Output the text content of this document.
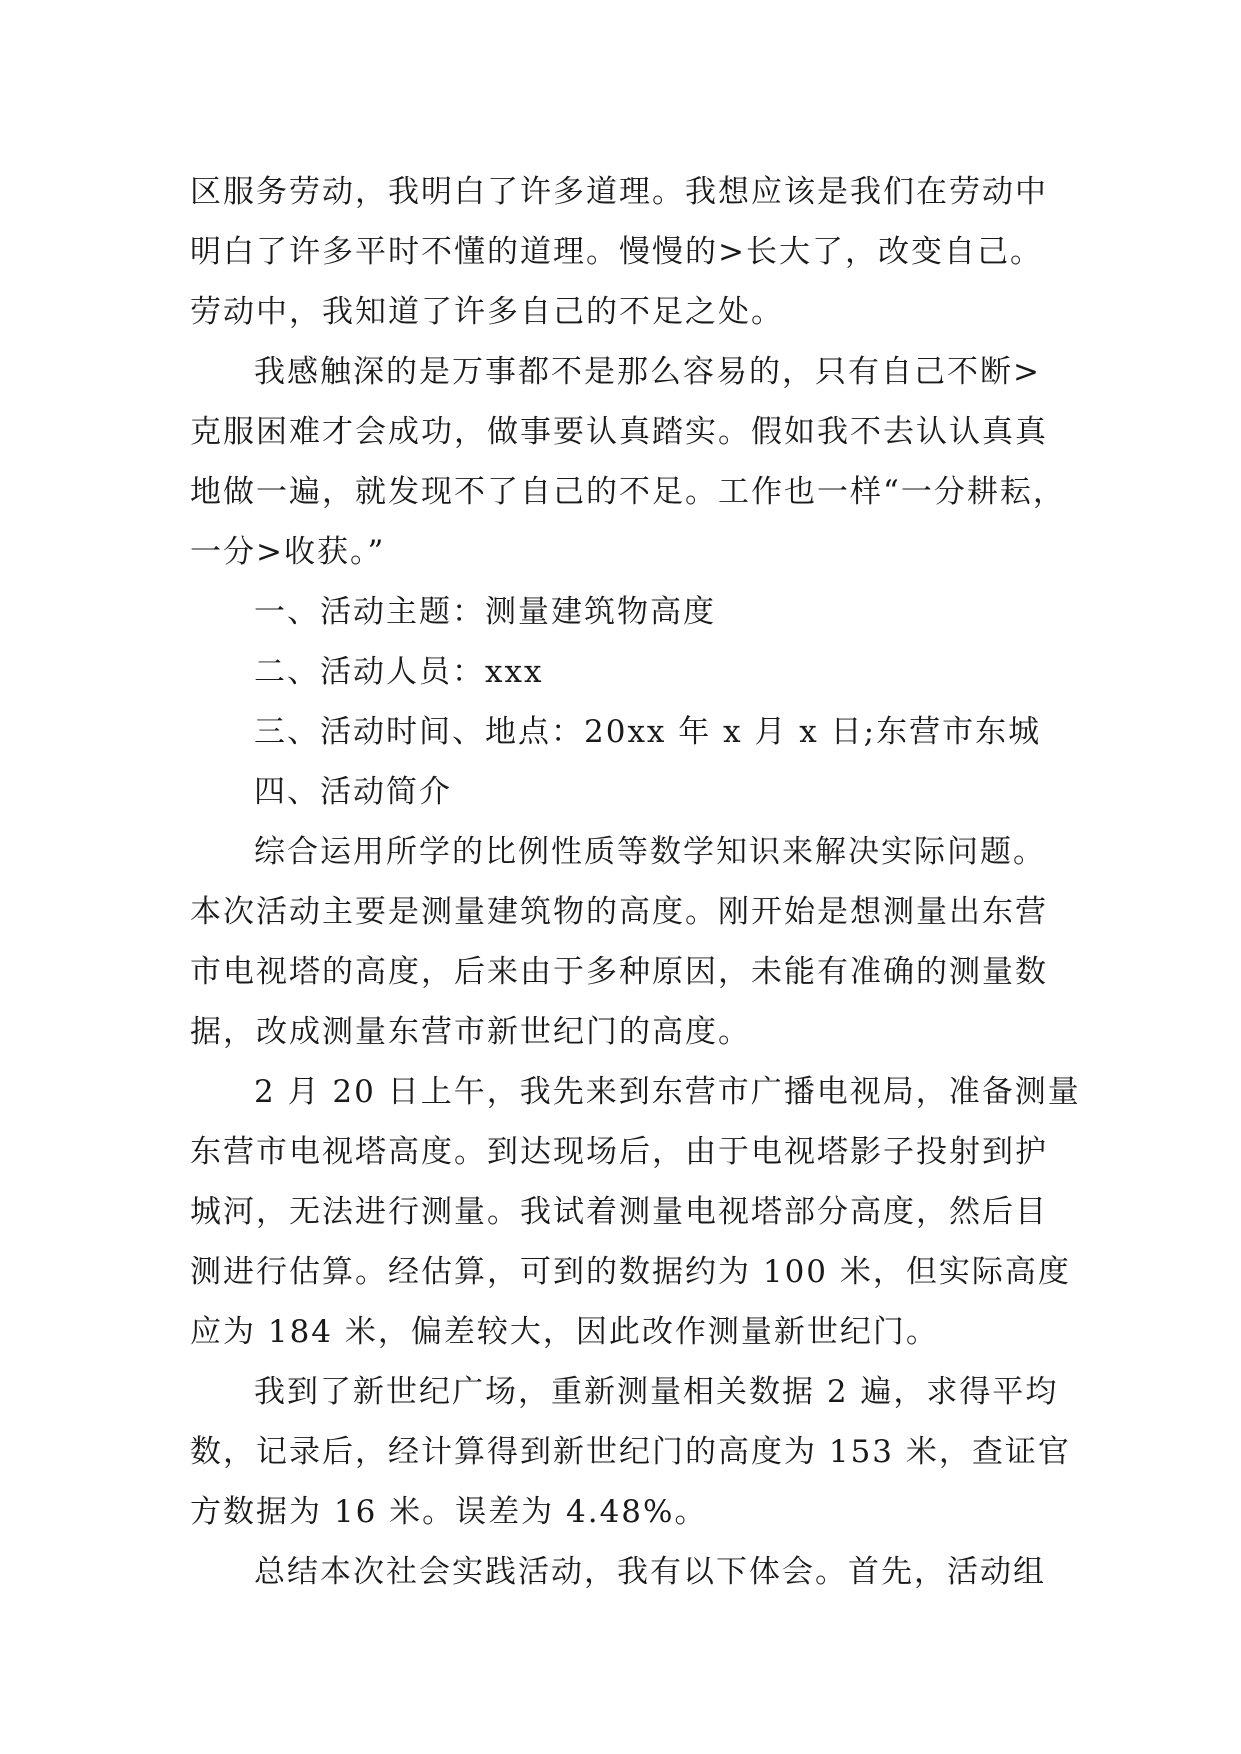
区服务劳动，我明白了许多道理。我想应该是我们在劳动中
明白了许多平时不懂的道理。慢慢的>长大了，改变自己。
劳动中，我知道了许多自己的不足之处。
我感触深的是万事都不是那么容易的，只有自己不断>
克服困难才会成功，做事要认真踏实。假如我不去认认真真
地做一遍，就发现不了自己的不足。工作也一样“一分耕耘，
一分>收获。”
一、活动主题：测量建筑物高度
二、活动人员：xxx
三、活动时间、地点：20xx 年 x 月 x 日;东营市东城
四、活动简介
综合运用所学的比例性质等数学知识来解决实际问题。
本次活动主要是测量建筑物的高度。刚开始是想测量出东营
市电视塔的高度，后来由于多种原因，未能有准确的测量数
据，改成测量东营市新世纪门的高度。
2 月 20 日上午，我先来到东营市广播电视局，准备测量
东营市电视塔高度。到达现场后，由于电视塔影子投射到护
城河，无法进行测量。我试着测量电视塔部分高度，然后目
测进行估算。经估算，可到的数据约为 100 米，但实际高度
应为 184 米，偏差较大，因此改作测量新世纪门。
我到了新世纪广场，重新测量相关数据 2 遍，求得平均
数，记录后，经计算得到新世纪门的高度为 153 米，查证官
方数据为 16 米。误差为 4.48%。
总结本次社会实践活动，我有以下体会。首先，活动组
